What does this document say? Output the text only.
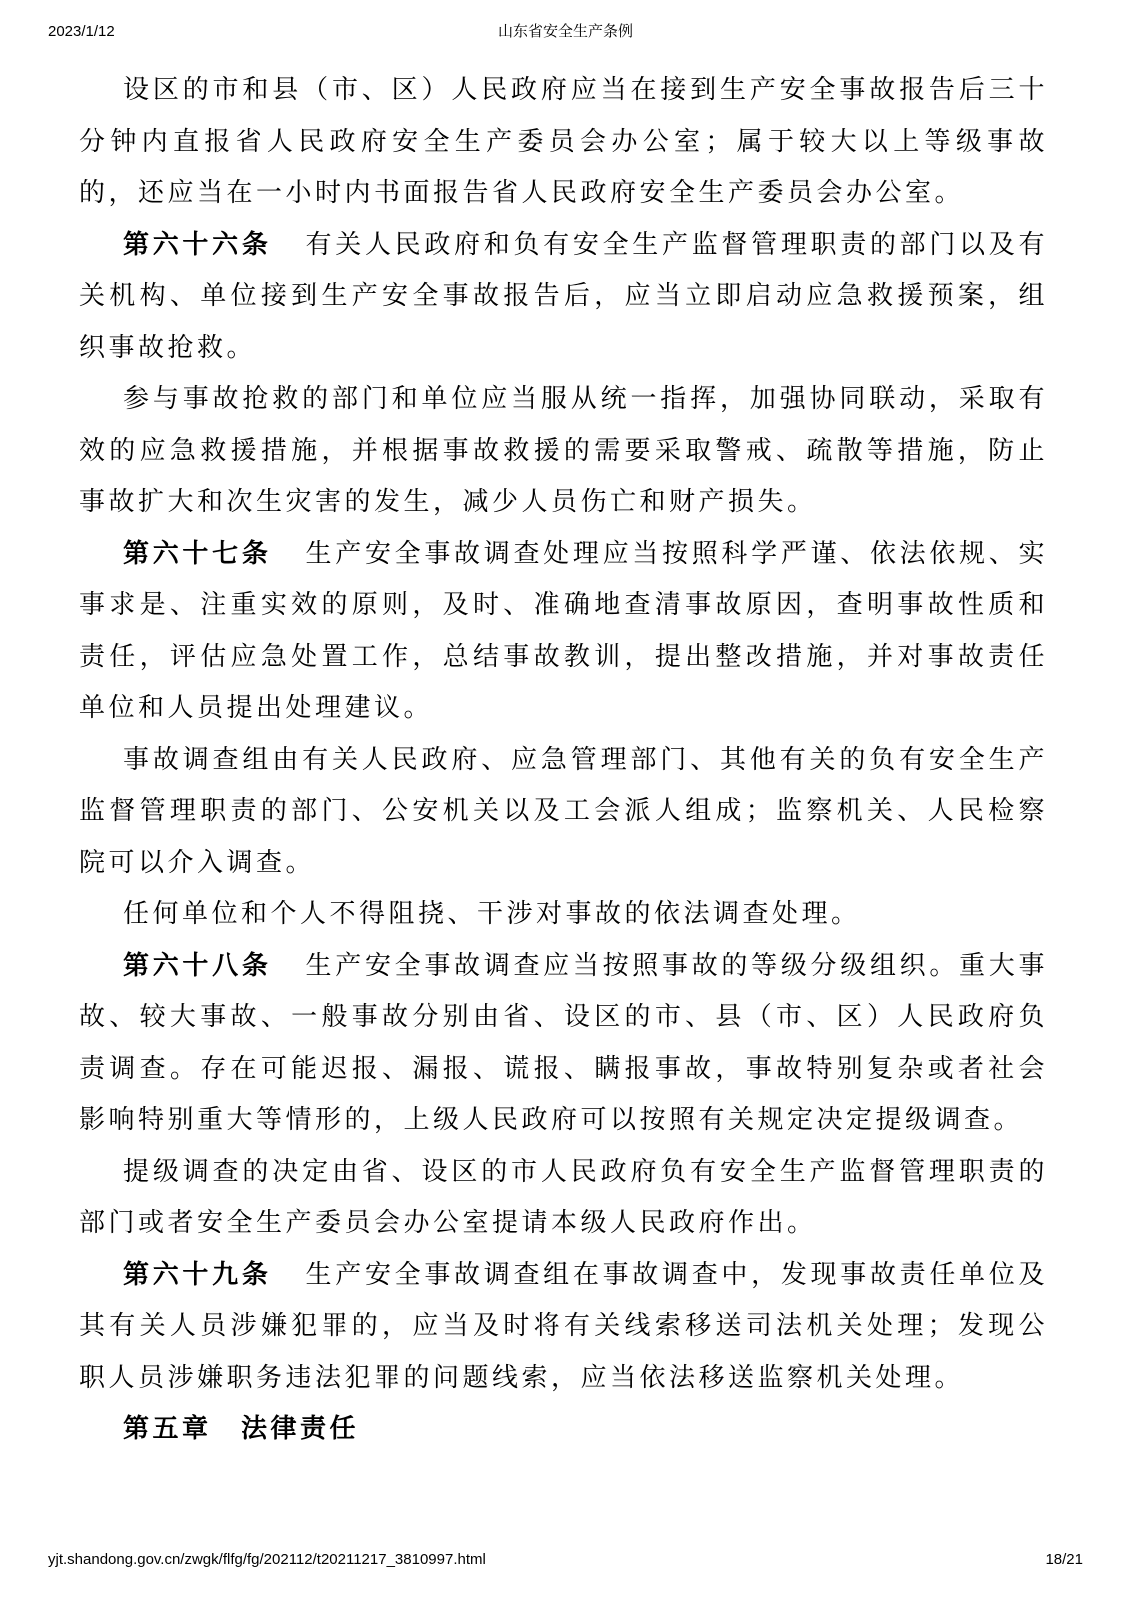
2023/1/12	山东省安全生产条例

设区的市和县（市、区）人民政府应当在接到生产安全事故报告后三十分钟内直报省人民政府安全生产委员会办公室；属于较大以上等级事故的，还应当在一小时内书面报告省人民政府安全生产委员会办公室。

第六十六条 有关人民政府和负有安全生产监督管理职责的部门以及有关机构、单位接到生产安全事故报告后，应当立即启动应急救援预案，组织事故抢救。

参与事故抢救的部门和单位应当服从统一指挥，加强协同联动，采取有效的应急救援措施，并根据事故救援的需要采取警戒、疏散等措施，防止事故扩大和次生灾害的发生，减少人员伤亡和财产损失。

第六十七条 生产安全事故调查处理应当按照科学严谨、依法依规、实事求是、注重实效的原则，及时、准确地查清事故原因，查明事故性质和责任，评估应急处置工作，总结事故教训，提出整改措施，并对事故责任单位和人员提出处理建议。

事故调查组由有关人民政府、应急管理部门、其他有关的负有安全生产监督管理职责的部门、公安机关以及工会派人组成；监察机关、人民检察院可以介入调查。

任何单位和个人不得阻挠、干涉对事故的依法调查处理。

第六十八条 生产安全事故调查应当按照事故的等级分级组织。重大事故、较大事故、一般事故分别由省、设区的市、县（市、区）人民政府负责调查。存在可能迟报、漏报、谎报、瞒报事故，事故特别复杂或者社会影响特别重大等情形的，上级人民政府可以按照有关规定决定提级调查。

提级调查的决定由省、设区的市人民政府负有安全生产监督管理职责的部门或者安全生产委员会办公室提请本级人民政府作出。

第六十九条 生产安全事故调查组在事故调查中，发现事故责任单位及其有关人员涉嫌犯罪的，应当及时将有关线索移送司法机关处理；发现公职人员涉嫌职务违法犯罪的问题线索，应当依法移送监察机关处理。

第五章　法律责任

yjt.shandong.gov.cn/zwgk/flfg/fg/202112/t20211217_3810997.html	18/21
